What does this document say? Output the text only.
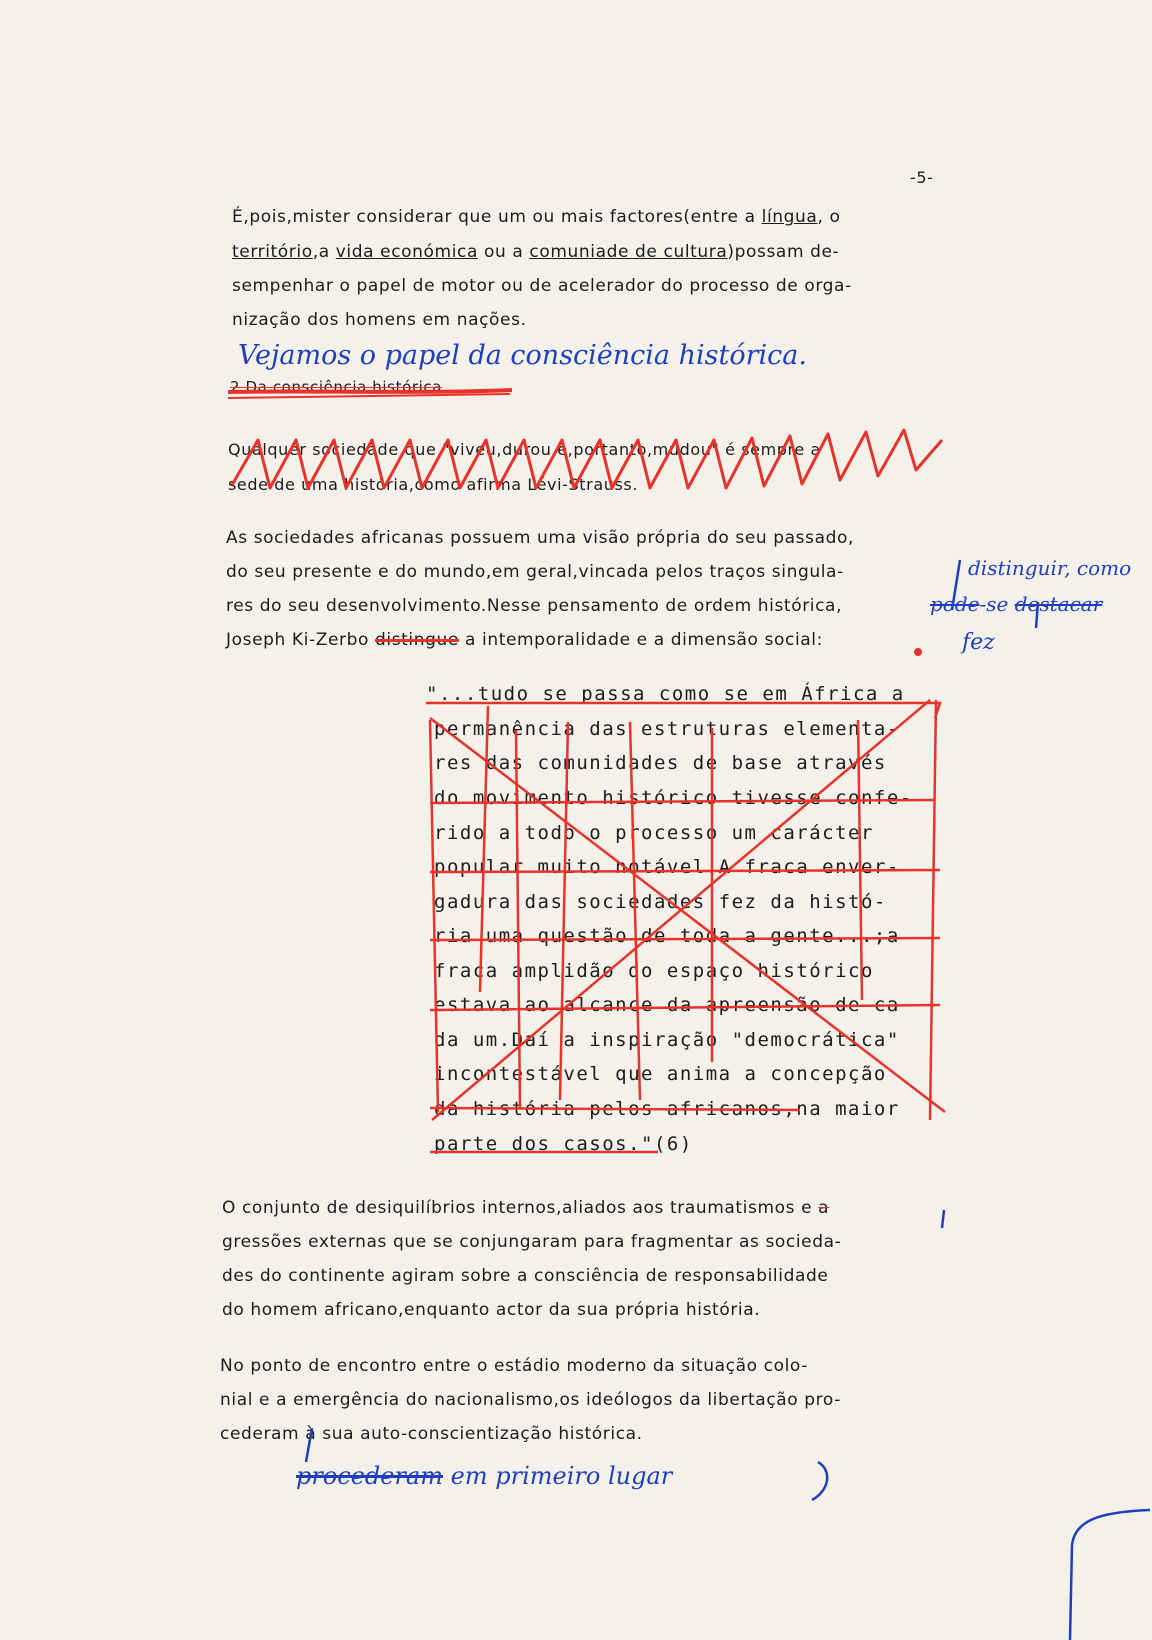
-5-
É,pois,mister considerar que um ou mais factores(entre a língua, o
território,a vida económica ou a comuniade de cultura)possam de-
sempenhar o papel de motor ou de acelerador do processo de orga-
nização dos homens em nações.
Vejamos o papel da consciência histórica.
2.Da consciência histórica
Qualquer sociedade que "viveu,durou e,portanto,mudou" é sempre a
sede de uma história,como afirma Lévi-Strauss.
As sociedades africanas possuem uma visão própria do seu passado,
do seu presente e do mundo,em geral,vincada pelos traços singula-
res do seu desenvolvimento.Nesse pensamento de ordem histórica,
Joseph Ki-Zerbo distingue a intemporalidade e a dimensão social:
distinguir, como
pode-se destacar
fez
"...tudo se passa como se em África a
permanência das estruturas elementa-
res das comunidades de base através
do movimento histórico tivesse confe-
rido a todo o processo um carácter
popular muito notável.A fraca enver-
gadura das sociedades fez da histó-
ria uma questão de toda a gente...;a
fraca amplidão do espaço histórico
estava ao alcance da apreensão de ca-
da um.Daí a inspiração "democrática"
incontestável que anima a concepção
da história pelos africanos,na maior
parte dos casos."(6)
O conjunto de desiquilíbrios internos,aliados aos traumatismos e a
gressões externas que se conjungaram para fragmentar as socieda-
des do continente agiram sobre a consciência de responsabilidade
do homem africano,enquanto actor da sua própria história.
No ponto de encontro entre o estádio moderno da situação colo-
nial e a emergência do nacionalismo,os ideólogos da libertação pro-
cederam à sua auto-conscientização histórica.
procederam em primeiro lugar
